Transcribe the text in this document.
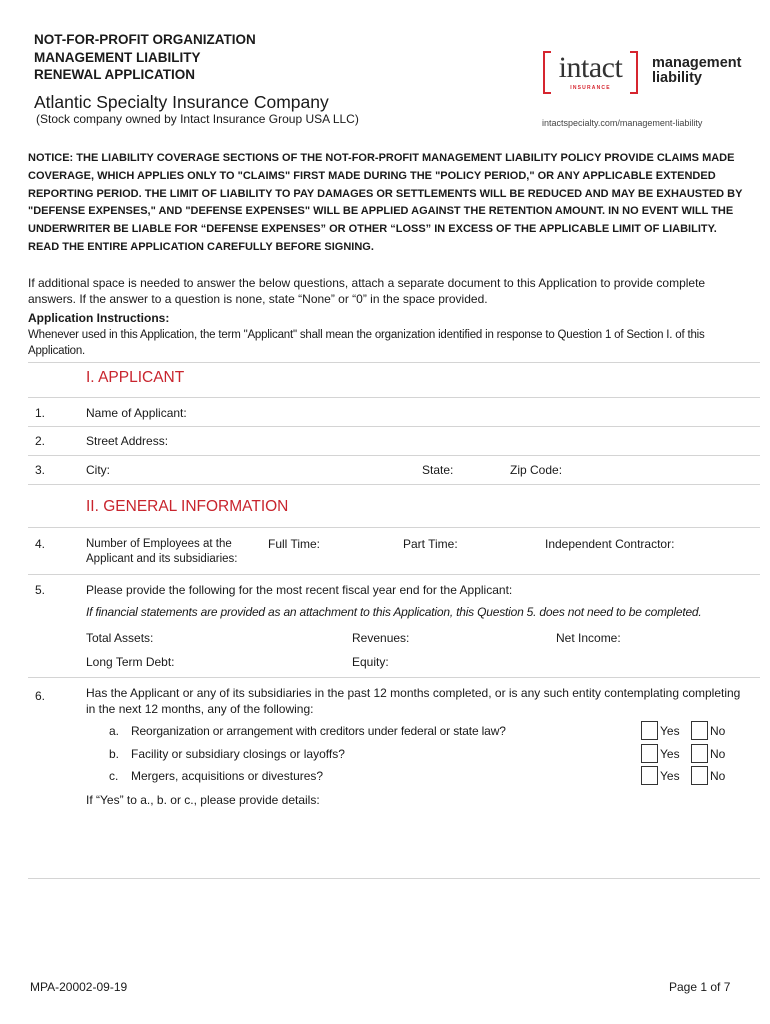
NOT-FOR-PROFIT ORGANIZATION
MANAGEMENT LIABILITY
RENEWAL APPLICATION
Atlantic Specialty Insurance Company
(Stock company owned by Intact Insurance Group USA LLC)
intact
INSURANCE
management
liability
intactspecialty.com/management-liability
NOTICE: THE LIABILITY COVERAGE SECTIONS OF THE NOT-FOR-PROFIT MANAGEMENT LIABILITY POLICY PROVIDE CLAIMS MADE COVERAGE, WHICH APPLIES ONLY TO "CLAIMS" FIRST MADE DURING THE "POLICY PERIOD," OR ANY APPLICABLE EXTENDED REPORTING PERIOD. THE LIMIT OF LIABILITY TO PAY DAMAGES OR SETTLEMENTS WILL BE REDUCED AND MAY BE EXHAUSTED BY "DEFENSE EXPENSES," AND "DEFENSE EXPENSES" WILL BE APPLIED AGAINST THE RETENTION AMOUNT. IN NO EVENT WILL THE UNDERWRITER BE LIABLE FOR “DEFENSE EXPENSES” OR OTHER “LOSS” IN EXCESS OF THE APPLICABLE LIMIT OF LIABILITY. READ THE ENTIRE APPLICATION CAREFULLY BEFORE SIGNING.
If additional space is needed to answer the below questions, attach a separate document to this Application to provide complete answers. If the answer to a question is none, state “None” or “0” in the space provided.
Application Instructions:
Whenever used in this Application, the term "Applicant" shall mean the organization identified in response to Question 1 of Section I. of this Application.
I. APPLICANT
1.	Name of Applicant:
2.	Street Address:
3.	City:	State:	Zip Code:
II. GENERAL INFORMATION
4.	Number of Employees at the
Applicant and its subsidiaries:
Full Time:	Part Time:	Independent Contractor:
5.	Please provide the following for the most recent fiscal year end for the Applicant:
If financial statements are provided as an attachment to this Application, this Question 5. does not need to be completed.
Total Assets:	Revenues:	Net Income:
Long Term Debt:	Equity:
6.	Has the Applicant or any of its subsidiaries in the past 12 months completed, or is any such entity contemplating completing in the next 12 months, any of the following:
a. Reorganization or arrangement with creditors under federal or state law?	Yes	No
b. Facility or subsidiary closings or layoffs?	Yes	No
c. Mergers, acquisitions or divestures?	Yes	No
If “Yes” to a., b. or c., please provide details:
MPA-20002-09-19	Page 1 of 7
